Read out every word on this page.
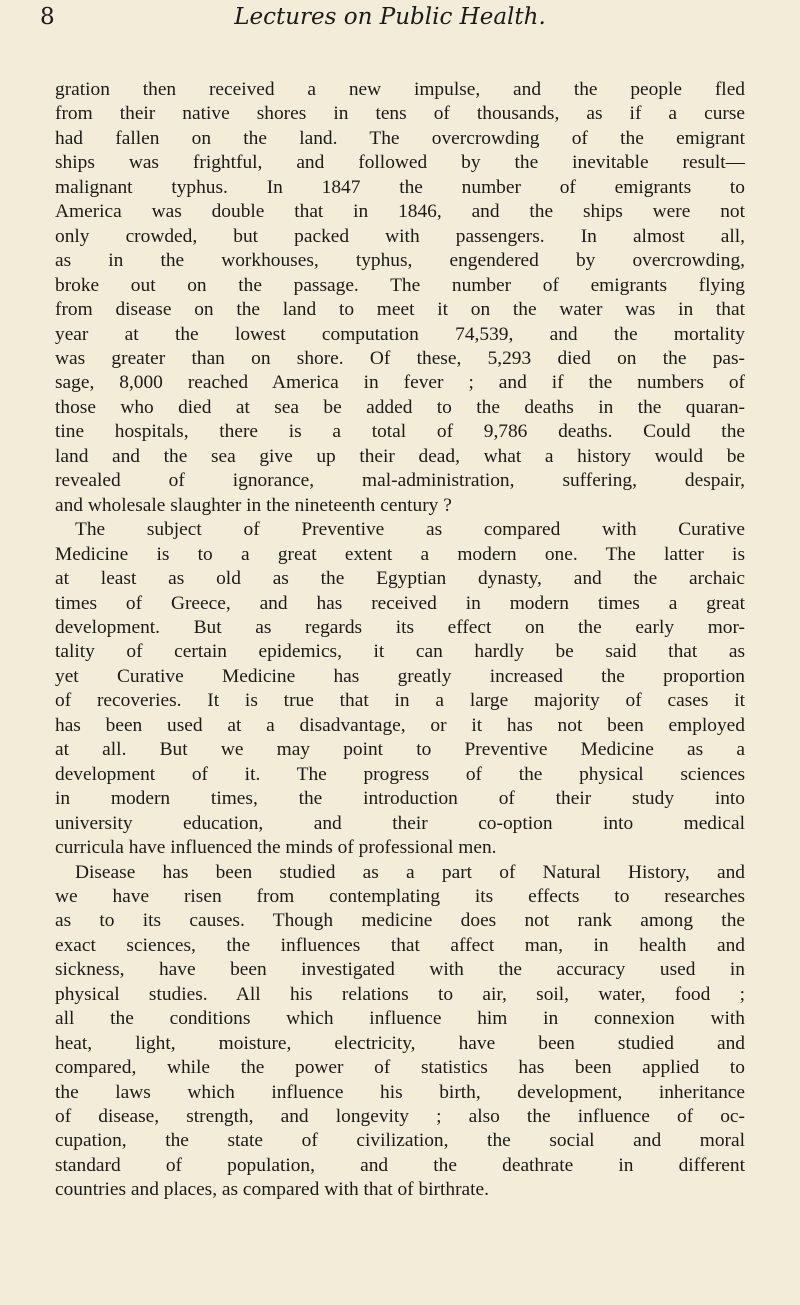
8	Lectures on Public Health.
gration then received a new impulse, and the people fled
from their native shores in tens of thousands, as if a curse
had fallen on the land. The overcrowding of the emigrant
ships was frightful, and followed by the inevitable result—
malignant typhus. In 1847 the number of emigrants to
America was double that in 1846, and the ships were not
only crowded, but packed with passengers. In almost all,
as in the workhouses, typhus, engendered by overcrowding,
broke out on the passage. The number of emigrants flying
from disease on the land to meet it on the water was in that
year at the lowest computation 74,539, and the mortality
was greater than on shore. Of these, 5,293 died on the pas-
sage, 8,000 reached America in fever ; and if the numbers of
those who died at sea be added to the deaths in the quaran-
tine hospitals, there is a total of 9,786 deaths. Could the
land and the sea give up their dead, what a history would be
revealed of ignorance, mal-administration, suffering, despair,
and wholesale slaughter in the nineteenth century ?
The subject of Preventive as compared with Curative
Medicine is to a great extent a modern one. The latter is
at least as old as the Egyptian dynasty, and the archaic
times of Greece, and has received in modern times a great
development. But as regards its effect on the early mor-
tality of certain epidemics, it can hardly be said that as
yet Curative Medicine has greatly increased the proportion
of recoveries. It is true that in a large majority of cases it
has been used at a disadvantage, or it has not been employed
at all. But we may point to Preventive Medicine as a
development of it. The progress of the physical sciences
in modern times, the introduction of their study into
university education, and their co-option into medical
curricula have influenced the minds of professional men.
Disease has been studied as a part of Natural History, and
we have risen from contemplating its effects to researches
as to its causes. Though medicine does not rank among the
exact sciences, the influences that affect man, in health and
sickness, have been investigated with the accuracy used in
physical studies. All his relations to air, soil, water, food ;
all the conditions which influence him in connexion with
heat, light, moisture, electricity, have been studied and
compared, while the power of statistics has been applied to
the laws which influence his birth, development, inheritance
of disease, strength, and longevity ; also the influence of oc-
cupation, the state of civilization, the social and moral
standard of population, and the deathrate in different
countries and places, as compared with that of birthrate.
